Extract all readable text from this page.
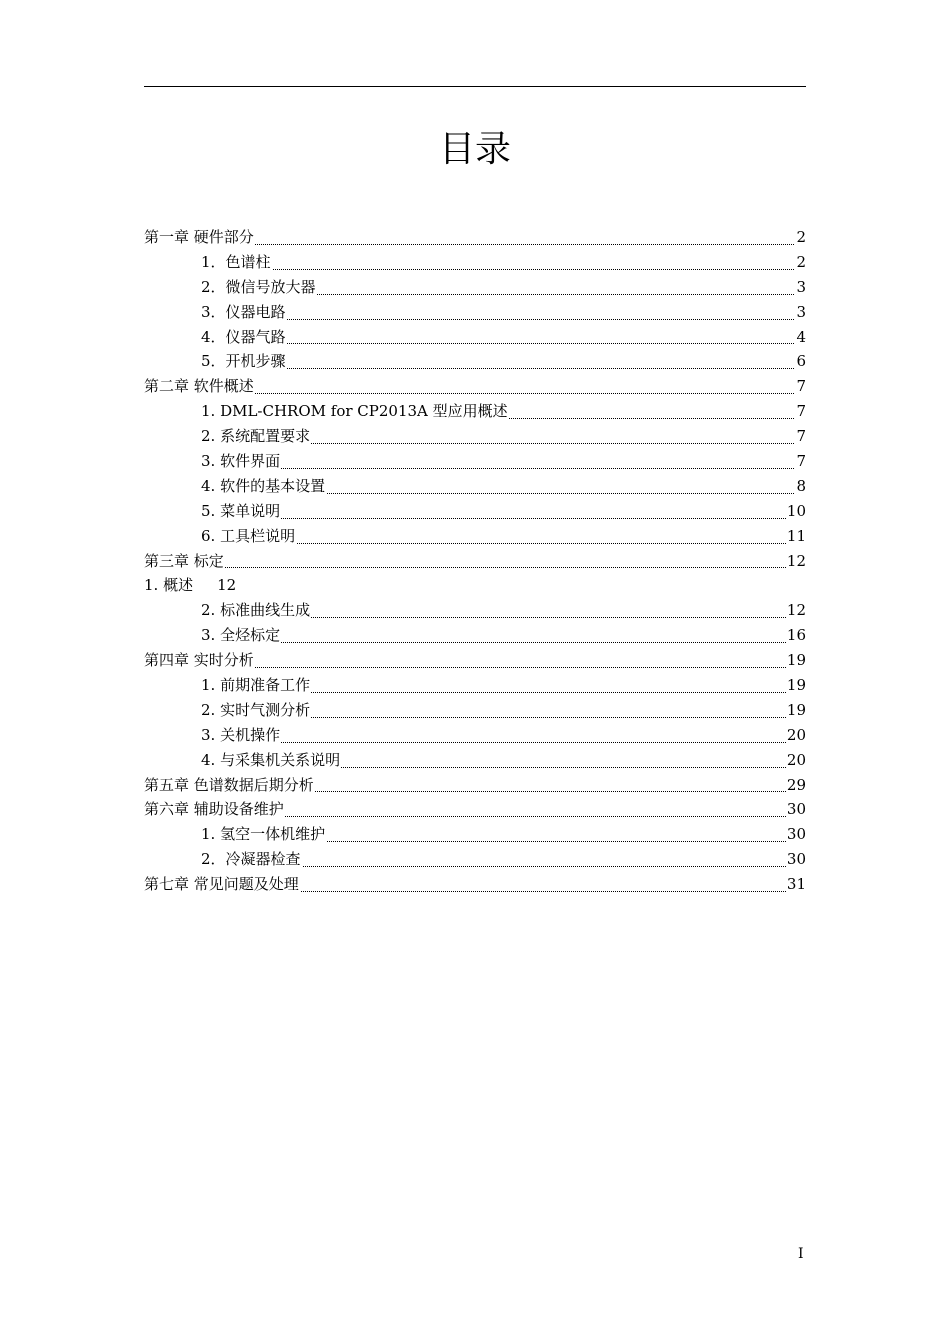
目录
第一章 硬件部分	2
1．色谱柱	2
2．微信号放大器	3
3．仪器电路	3
4．仪器气路	4
5．开机步骤	6
第二章 软件概述	7
1. DML-CHROM for CP2013A 型应用概述	7
2. 系统配置要求	7
3. 软件界面	7
4. 软件的基本设置	8
5. 菜单说明	10
6. 工具栏说明	11
第三章 标定	12
1. 概述 12
2. 标准曲线生成	12
3. 全烃标定	16
第四章 实时分析	19
1. 前期准备工作	19
2. 实时气测分析	19
3. 关机操作	20
4. 与采集机关系说明	20
第五章 色谱数据后期分析	29
第六章 辅助设备维护	30
1. 氢空一体机维护	30
2．冷凝器检查	30
第七章 常见问题及处理	31
I
